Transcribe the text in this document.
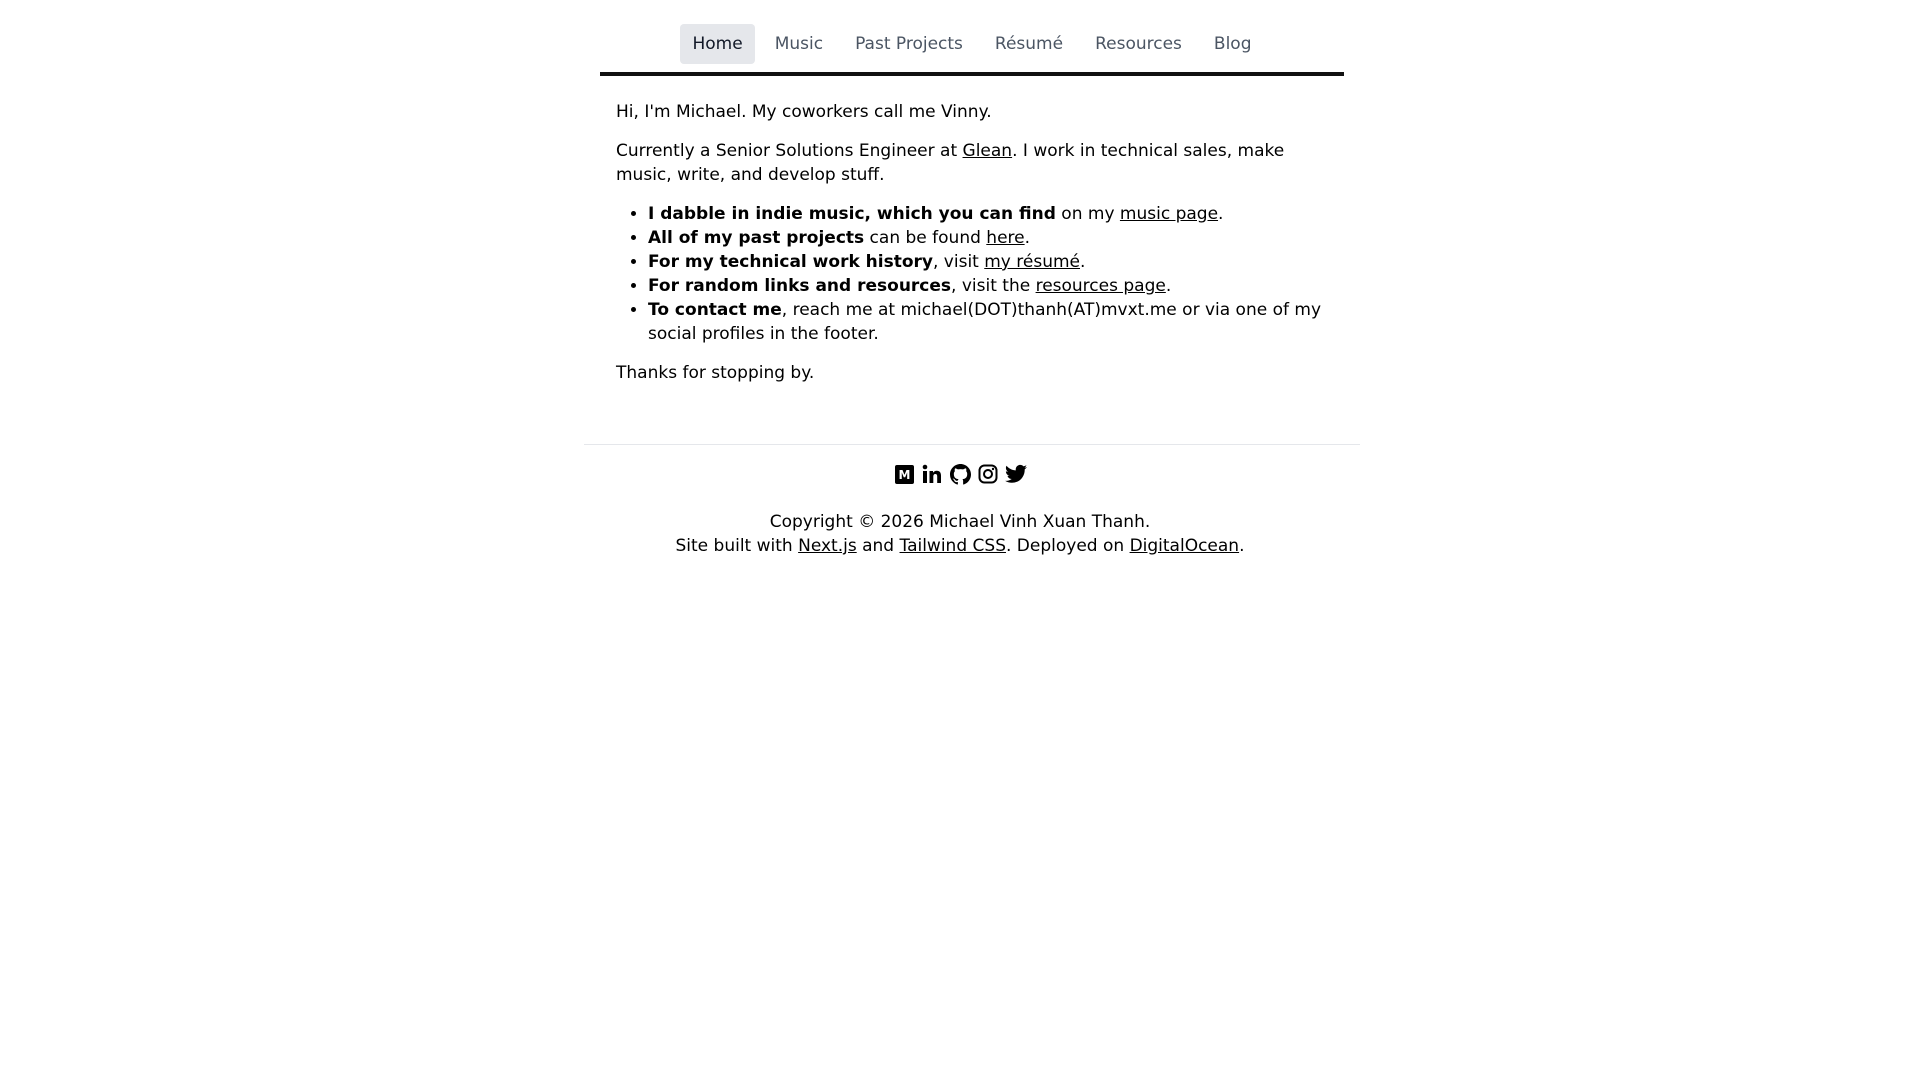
Home	Music	Past Projects	Résumé	Resources	Blog

Hi, I'm Michael. My coworkers call me Vinny.

Currently a Senior Solutions Engineer at Glean. I work in technical sales, make music, write, and develop stuff.

• I dabble in indie music, which you can find on my music page.
• All of my past projects can be found here.
• For my technical work history, visit my résumé.
• For random links and resources, visit the resources page.
• To contact me, reach me at michael(DOT)thanh(AT)mvxt.me or via one of my social profiles in the footer.

Thanks for stopping by.

M
Copyright © 2026 Michael Vinh Xuan Thanh.
Site built with Next.js and Tailwind CSS. Deployed on DigitalOcean.
